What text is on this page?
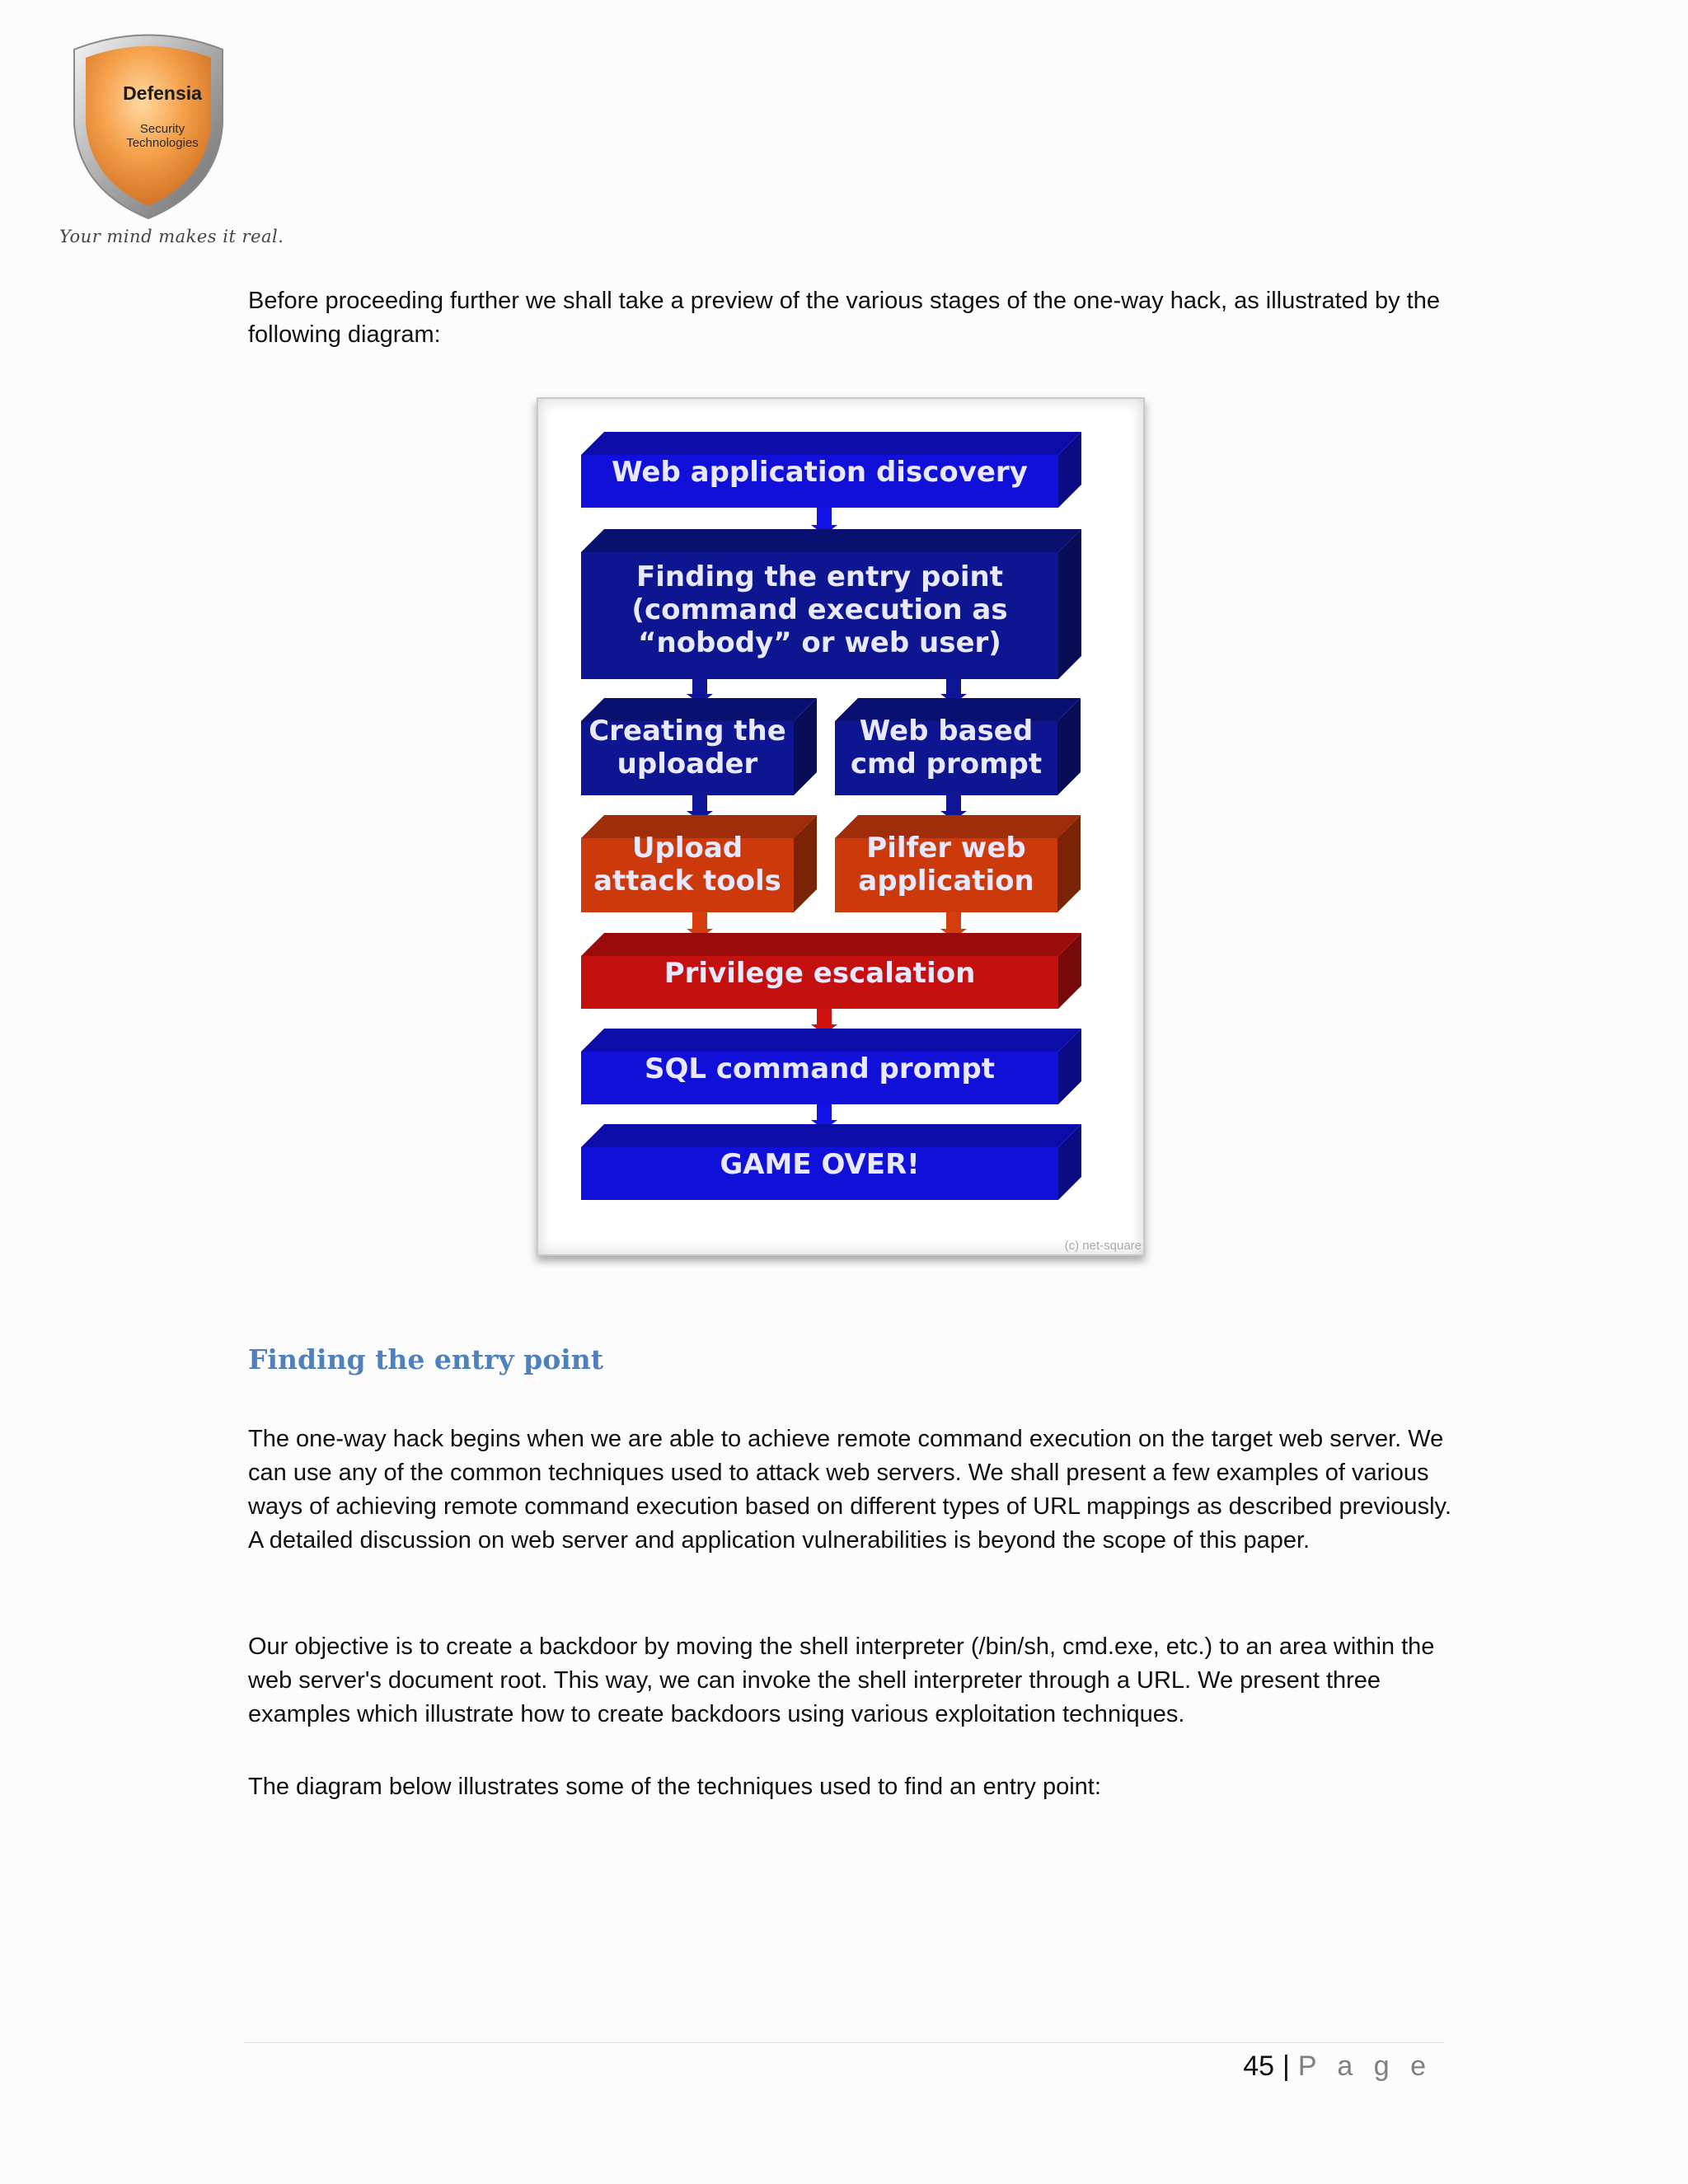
Defensia
Security
Technologies
Your mind makes it real.

Before proceeding further we shall take a preview of the various stages of the one-way hack, as illustrated by the following diagram:

Web application discovery
Finding the entry point
(command execution as
“nobody” or web user)
Creating the
uploader
Web based
cmd prompt
Upload
attack tools
Pilfer web
application
Privilege escalation
SQL command prompt
GAME OVER!
(c) net-square
Finding the entry point

The one-way hack begins when we are able to achieve remote command execution on the target web server. We can use any of the common techniques used to attack web servers. We shall present a few examples of various ways of achieving remote command execution based on different types of URL mappings as described previously. A detailed discussion on web server and application vulnerabilities is beyond the scope of this paper.

Our objective is to create a backdoor by moving the shell interpreter (/bin/sh, cmd.exe, etc.) to an area within the web server's document root. This way, we can invoke the shell interpreter through a URL. We present three examples which illustrate how to create backdoors using various exploitation techniques.

The diagram below illustrates some of the techniques used to find an entry point:

45 | P a g e
